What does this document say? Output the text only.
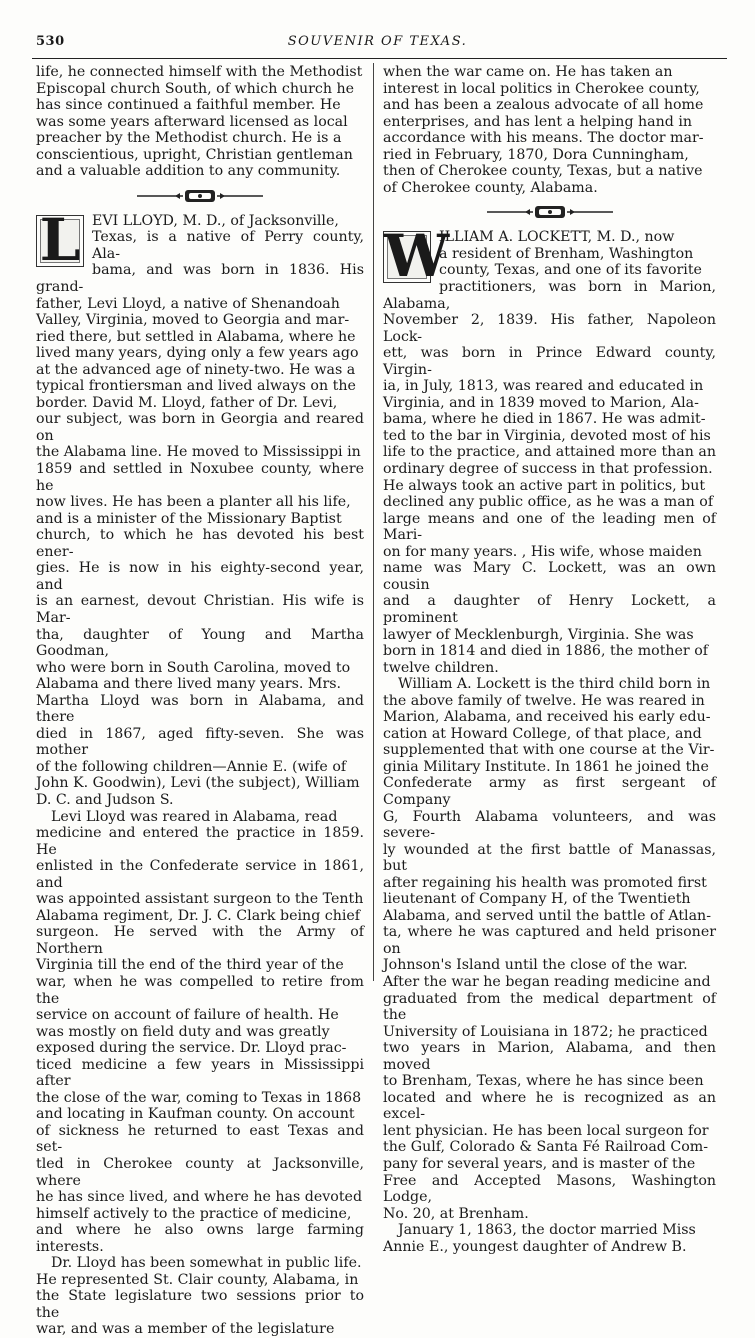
530	SOUVENIR OF TEXAS.

life, he connected himself with the Methodist
Episcopal church South, of which church he
has since continued a faithful member. He
was some years afterward licensed as local
preacher by the Methodist church. He is a
conscientious, upright, Christian gentleman
and a valuable addition to any community.

L EVI LLOYD, M. D., of Jacksonville,
Texas, is a native of Perry county, Ala-
bama, and was born in 1836. His grand-
father, Levi Lloyd, a native of Shenandoah
Valley, Virginia, moved to Georgia and mar-
ried there, but settled in Alabama, where he
lived many years, dying only a few years ago
at the advanced age of ninety-two. He was a
typical frontiersman and lived always on the
border. David M. Lloyd, father of Dr. Levi,
our subject, was born in Georgia and reared on
the Alabama line. He moved to Mississippi in
1859 and settled in Noxubee county, where he
now lives. He has been a planter all his life,
and is a minister of the Missionary Baptist
church, to which he has devoted his best ener-
gies. He is now in his eighty-second year, and
is an earnest, devout Christian. His wife is Mar-
tha, daughter of Young and Martha Goodman,
who were born in South Carolina, moved to
Alabama and there lived many years. Mrs.
Martha Lloyd was born in Alabama, and there
died in 1867, aged fifty-seven. She was mother
of the following children—Annie E. (wife of
John K. Goodwin), Levi (the subject), William
D. C. and Judson S.

Levi Lloyd was reared in Alabama, read
medicine and entered the practice in 1859. He
enlisted in the Confederate service in 1861, and
was appointed assistant surgeon to the Tenth
Alabama regiment, Dr. J. C. Clark being chief
surgeon. He served with the Army of Northern
Virginia till the end of the third year of the
war, when he was compelled to retire from the
service on account of failure of health. He
was mostly on field duty and was greatly
exposed during the service. Dr. Lloyd prac-
ticed medicine a few years in Mississippi after
the close of the war, coming to Texas in 1868
and locating in Kaufman county. On account
of sickness he returned to east Texas and set-
tled in Cherokee county at Jacksonville, where
he has since lived, and where he has devoted
himself actively to the practice of medicine,
and where he also owns large farming interests.

Dr. Lloyd has been somewhat in public life.
He represented St. Clair county, Alabama, in
the State legislature two sessions prior to the
war, and was a member of the legislature

when the war came on. He has taken an
interest in local politics in Cherokee county,
and has been a zealous advocate of all home
enterprises, and has lent a helping hand in
accordance with his means. The doctor mar-
ried in February, 1870, Dora Cunningham,
then of Cherokee county, Texas, but a native
of Cherokee county, Alabama.

W

ILLIAM A. LOCKETT, M. D., now
a resident of Brenham, Washington
county, Texas, and one of its favorite
practitioners, was born in Marion, Alabama,
November 2, 1839. His father, Napoleon Lock-
ett, was born in Prince Edward county, Virgin-
ia, in July, 1813, was reared and educated in
Virginia, and in 1839 moved to Marion, Ala-
bama, where he died in 1867. He was admit-
ted to the bar in Virginia, devoted most of his
life to the practice, and attained more than an
ordinary degree of success in that profession.
He always took an active part in politics, but
declined any public office, as he was a man of
large means and one of the leading men of Mari-
on for many years. , His wife, whose maiden
name was Mary C. Lockett, was an own cousin
and a daughter of Henry Lockett, a prominent
lawyer of Mecklenburgh, Virginia. She was
born in 1814 and died in 1886, the mother of
twelve children.

William A. Lockett is the third child born in
the above family of twelve. He was reared in
Marion, Alabama, and received his early edu-
cation at Howard College, of that place, and
supplemented that with one course at the Vir-
ginia Military Institute. In 1861 he joined the
Confederate army as first sergeant of Company
G, Fourth Alabama volunteers, and was severe-
ly wounded at the first battle of Manassas, but
after regaining his health was promoted first
lieutenant of Company H, of the Twentieth
Alabama, and served until the battle of Atlan-
ta, where he was captured and held prisoner on
Johnson's Island until the close of the war.
After the war he began reading medicine and
graduated from the medical department of the
University of Louisiana in 1872; he practiced
two years in Marion, Alabama, and then moved
to Brenham, Texas, where he has since been
located and where he is recognized as an excel-
lent physician. He has been local surgeon for
the Gulf, Colorado & Santa Fé Railroad Com-
pany for several years, and is master of the
Free and Accepted Masons, Washington Lodge,
No. 20, at Brenham.

January 1, 1863, the doctor married Miss
Annie E., youngest daughter of Andrew B.
